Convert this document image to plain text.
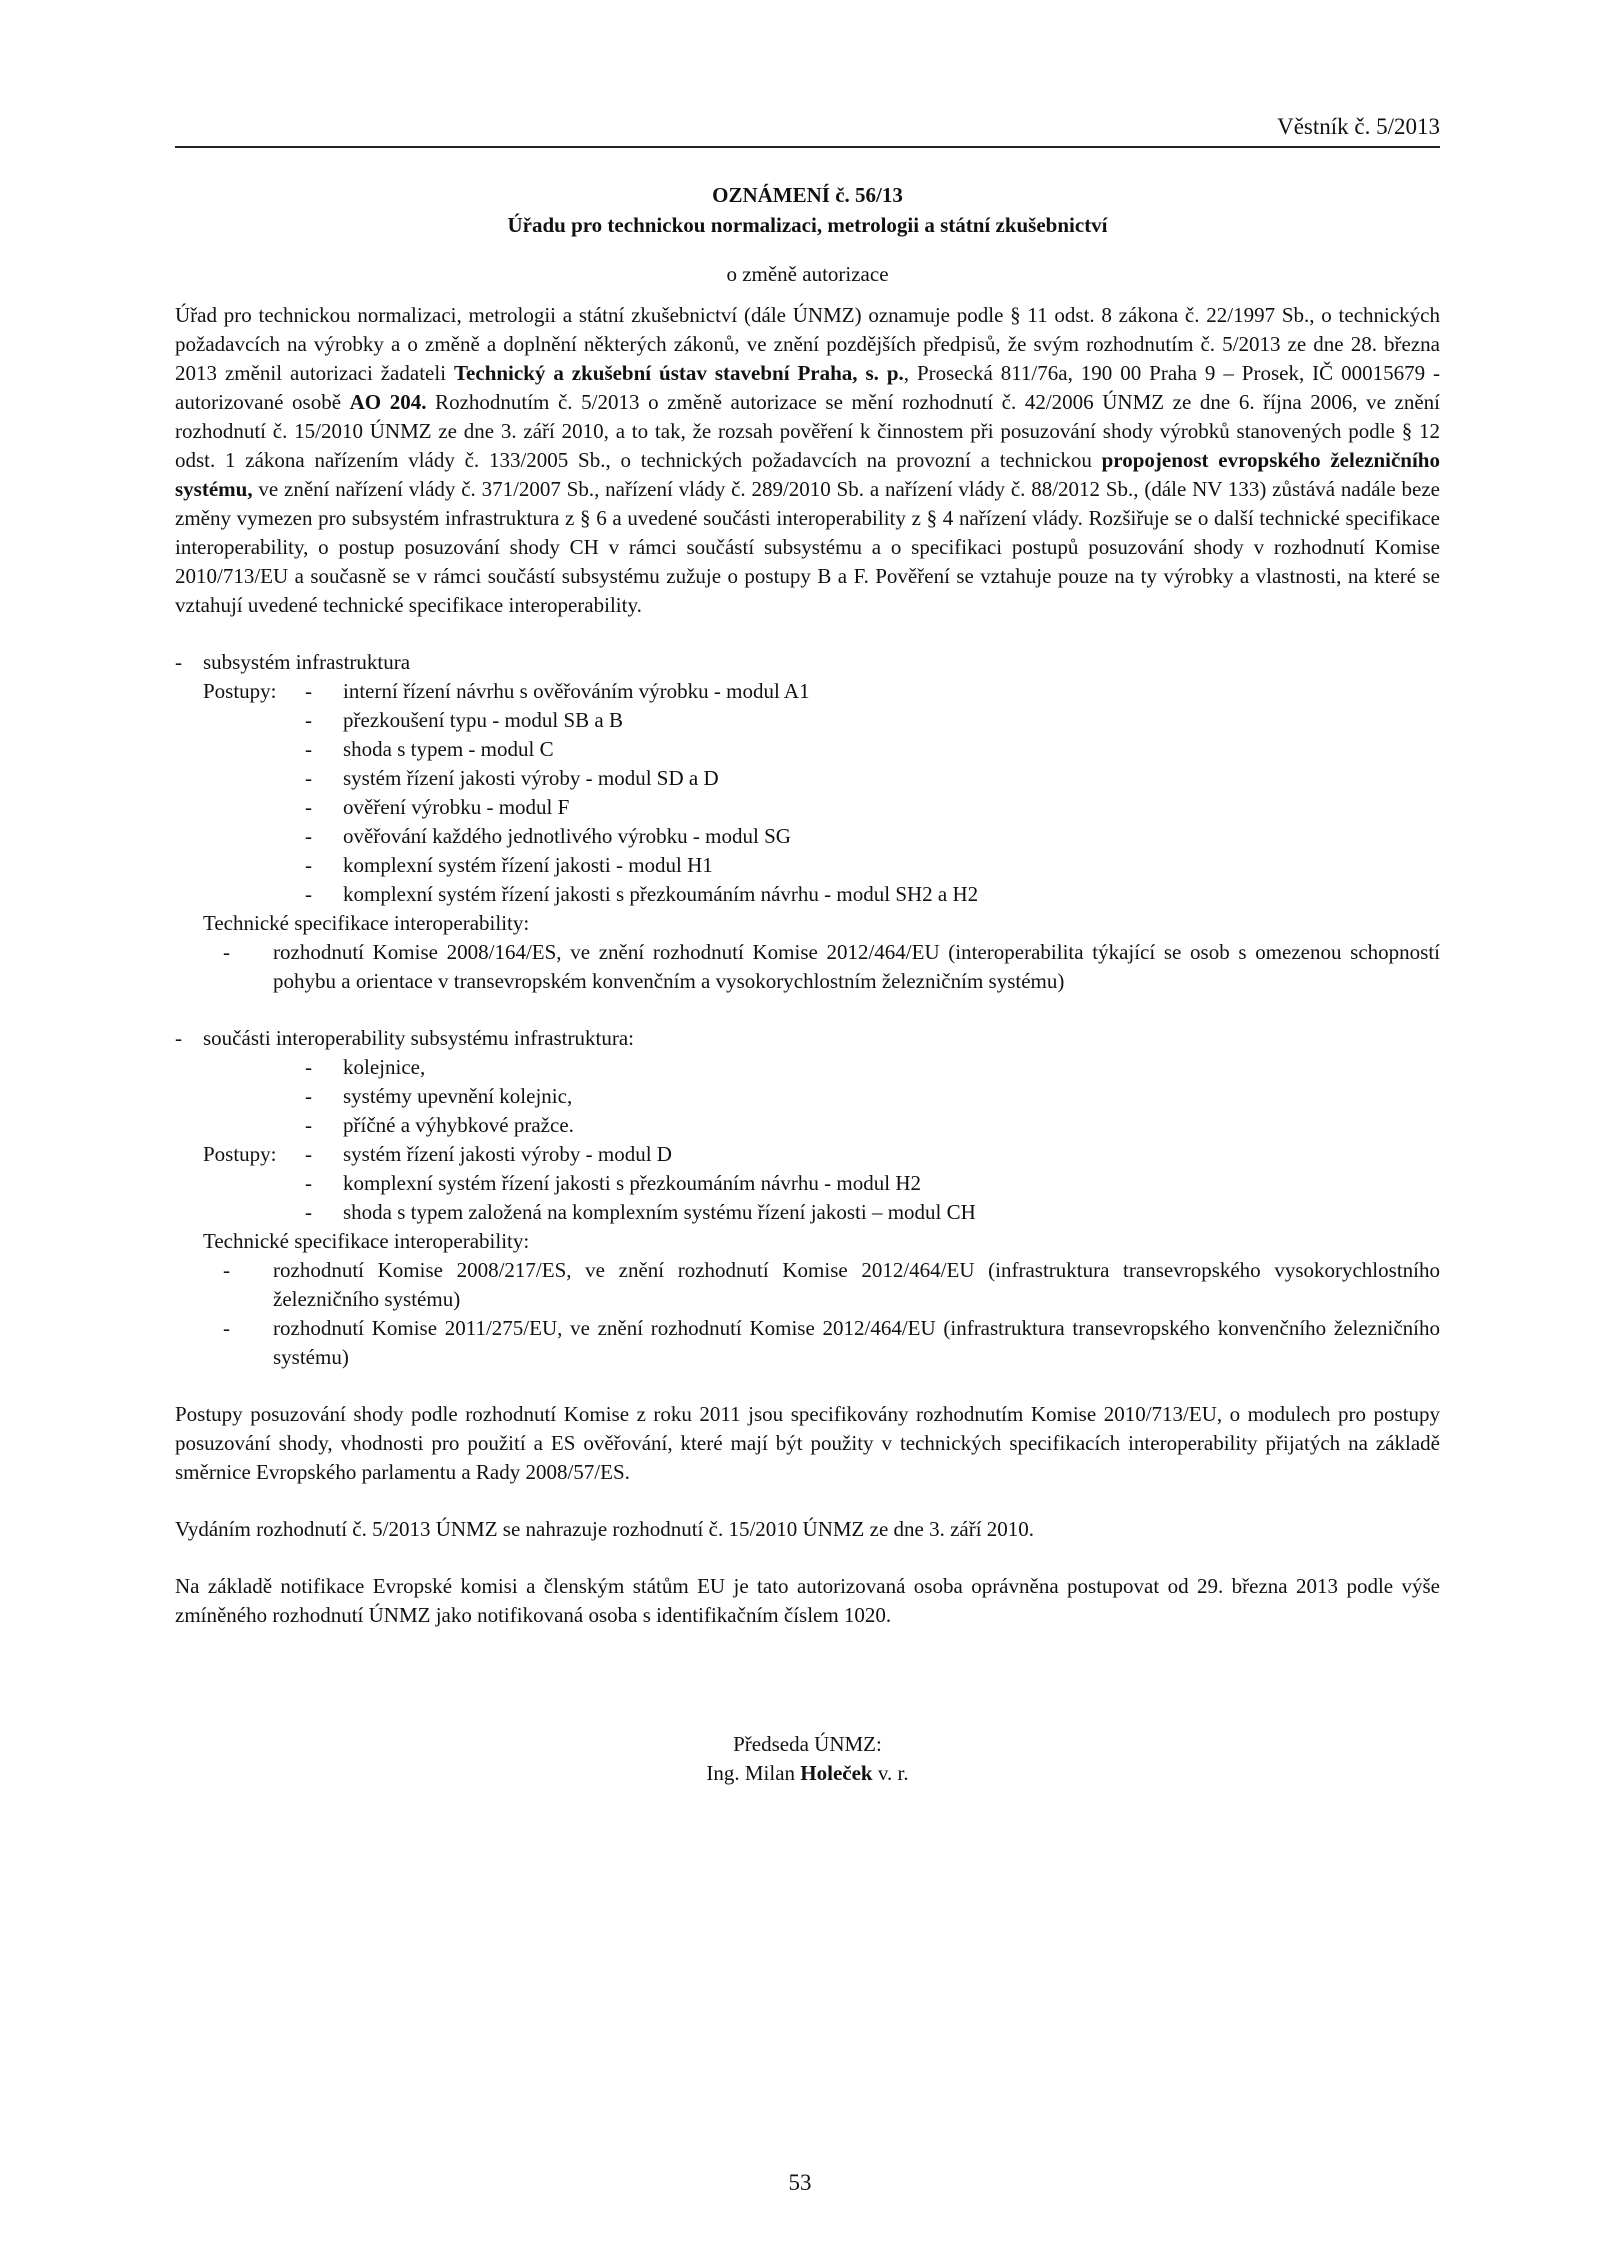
Věstník č. 5/2013
OZNÁMENÍ č. 56/13
Úřadu pro technickou normalizaci, metrologii a státní zkušebnictví
o změně autorizace

Úřad pro technickou normalizaci, metrologii a státní zkušebnictví (dále ÚNMZ) oznamuje podle § 11 odst. 8 zákona č. 22/1997 Sb., o technických požadavcích na výrobky a o změně a doplnění některých zákonů, ve znění pozdějších předpisů, že svým rozhodnutím č. 5/2013 ze dne 28. března 2013 změnil autorizaci žadateli Technický a zkušební ústav stavební Praha, s. p., Prosecká 811/76a, 190 00 Praha 9 – Prosek, IČ 00015679 - autorizované osobě AO 204. Rozhodnutím č. 5/2013 o změně autorizace se mění rozhodnutí č. 42/2006 ÚNMZ ze dne 6. října 2006, ve znění rozhodnutí č. 15/2010 ÚNMZ ze dne 3. září 2010, a to tak, že rozsah pověření k činnostem při posuzování shody výrobků stanovených podle § 12 odst. 1 zákona nařízením vlády č. 133/2005 Sb., o technických požadavcích na provozní a technickou propojenost evropského železničního systému, ve znění nařízení vlády č. 371/2007 Sb., nařízení vlády č. 289/2010 Sb. a nařízení vlády č. 88/2012 Sb., (dále NV 133) zůstává nadále beze změny vymezen pro subsystém infrastruktura z § 6 a uvedené součásti interoperability z § 4 nařízení vlády. Rozšiřuje se o další technické specifikace interoperability, o postup posuzování shody CH v rámci součástí subsystému a o specifikaci postupů posuzování shody v rozhodnutí Komise 2010/713/EU a současně se v rámci součástí subsystému zužuje o postupy B a F. Pověření se vztahuje pouze na ty výrobky a vlastnosti, na které se vztahují uvedené technické specifikace interoperability.

-	subsystém infrastruktura
Postupy:	-	interní řízení návrhu s ověřováním výrobku - modul A1
-	přezkoušení typu - modul SB a B
-	shoda s typem - modul C
-	systém řízení jakosti výroby - modul SD a D
-	ověření výrobku - modul F
-	ověřování každého jednotlivého výrobku - modul SG
-	komplexní systém řízení jakosti - modul H1
-	komplexní systém řízení jakosti s přezkoumáním návrhu - modul SH2 a H2
Technické specifikace interoperability:
-	rozhodnutí Komise 2008/164/ES, ve znění rozhodnutí Komise 2012/464/EU (interoperabilita týkající se osob s omezenou schopností pohybu a orientace v transevropském konvenčním a vysokorychlostním železničním systému)
-	součásti interoperability subsystému infrastruktura:
-	kolejnice,
-	systémy upevnění kolejnic,
-	příčné a výhybkové pražce.
Postupy:	-	systém řízení jakosti výroby - modul D
-	komplexní systém řízení jakosti s přezkoumáním návrhu - modul H2
-	shoda s typem založená na komplexním systému řízení jakosti – modul CH
Technické specifikace interoperability:
-	rozhodnutí Komise 2008/217/ES, ve znění rozhodnutí Komise 2012/464/EU (infrastruktura transevropského vysokorychlostního železničního systému)
-	rozhodnutí Komise 2011/275/EU, ve znění rozhodnutí Komise 2012/464/EU (infrastruktura transevropského konvenčního železničního systému)

Postupy posuzování shody podle rozhodnutí Komise z roku 2011 jsou specifikovány rozhodnutím Komise 2010/713/EU, o modulech pro postupy posuzování shody, vhodnosti pro použití a ES ověřování, které mají být použity v technických specifikacích interoperability přijatých na základě směrnice Evropského parlamentu a Rady 2008/57/ES.

Vydáním rozhodnutí č. 5/2013 ÚNMZ se nahrazuje rozhodnutí č. 15/2010 ÚNMZ ze dne 3. září 2010.

Na základě notifikace Evropské komisi a členským státům EU je tato autorizovaná osoba oprávněna postupovat od 29. března 2013 podle výše zmíněného rozhodnutí ÚNMZ jako notifikovaná osoba s identifikačním číslem 1020.

Předseda ÚNMZ:
Ing. Milan Holeček v. r.
53
